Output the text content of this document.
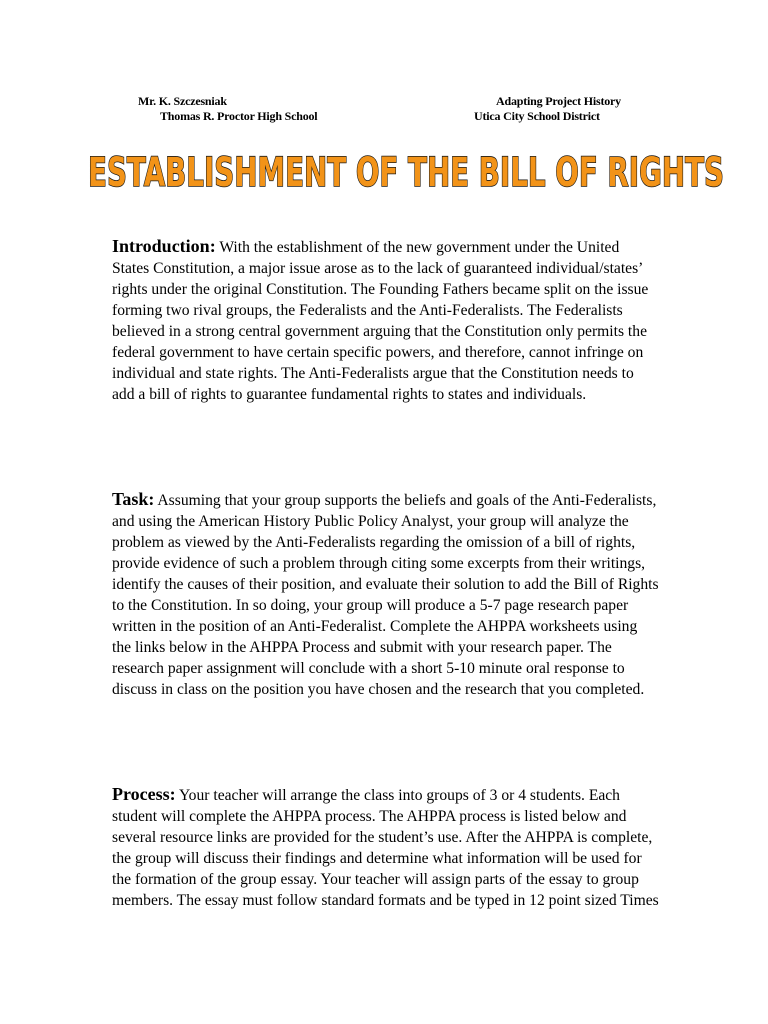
Mr. K. Szczesniak
Thomas R. Proctor High School
Adapting Project History
Utica City School District
ESTABLISHMENT OF THE BILL OF RIGHTS

Introduction: With the establishment of the new government under the United States Constitution, a major issue arose as to the lack of guaranteed individual/states’ rights under the original Constitution. The Founding Fathers became split on the issue forming two rival groups, the Federalists and the Anti-Federalists. The Federalists believed in a strong central government arguing that the Constitution only permits the federal government to have certain specific powers, and therefore, cannot infringe on individual and state rights. The Anti-Federalists argue that the Constitution needs to add a bill of rights to guarantee fundamental rights to states and individuals.

Task: Assuming that your group supports the beliefs and goals of the Anti-Federalists, and using the American History Public Policy Analyst, your group will analyze the problem as viewed by the Anti-Federalists regarding the omission of a bill of rights, provide evidence of such a problem through citing some excerpts from their writings, identify the causes of their position, and evaluate their solution to add the Bill of Rights to the Constitution. In so doing, your group will produce a 5-7 page research paper written in the position of an Anti-Federalist. Complete the AHPPA worksheets using the links below in the AHPPA Process and submit with your research paper. The research paper assignment will conclude with a short 5-10 minute oral response to discuss in class on the position you have chosen and the research that you completed.

Process: Your teacher will arrange the class into groups of 3 or 4 students. Each student will complete the AHPPA process. The AHPPA process is listed below and several resource links are provided for the student’s use. After the AHPPA is complete, the group will discuss their findings and determine what information will be used for the formation of the group essay. Your teacher will assign parts of the essay to group members. The essay must follow standard formats and be typed in 12 point sized Times
